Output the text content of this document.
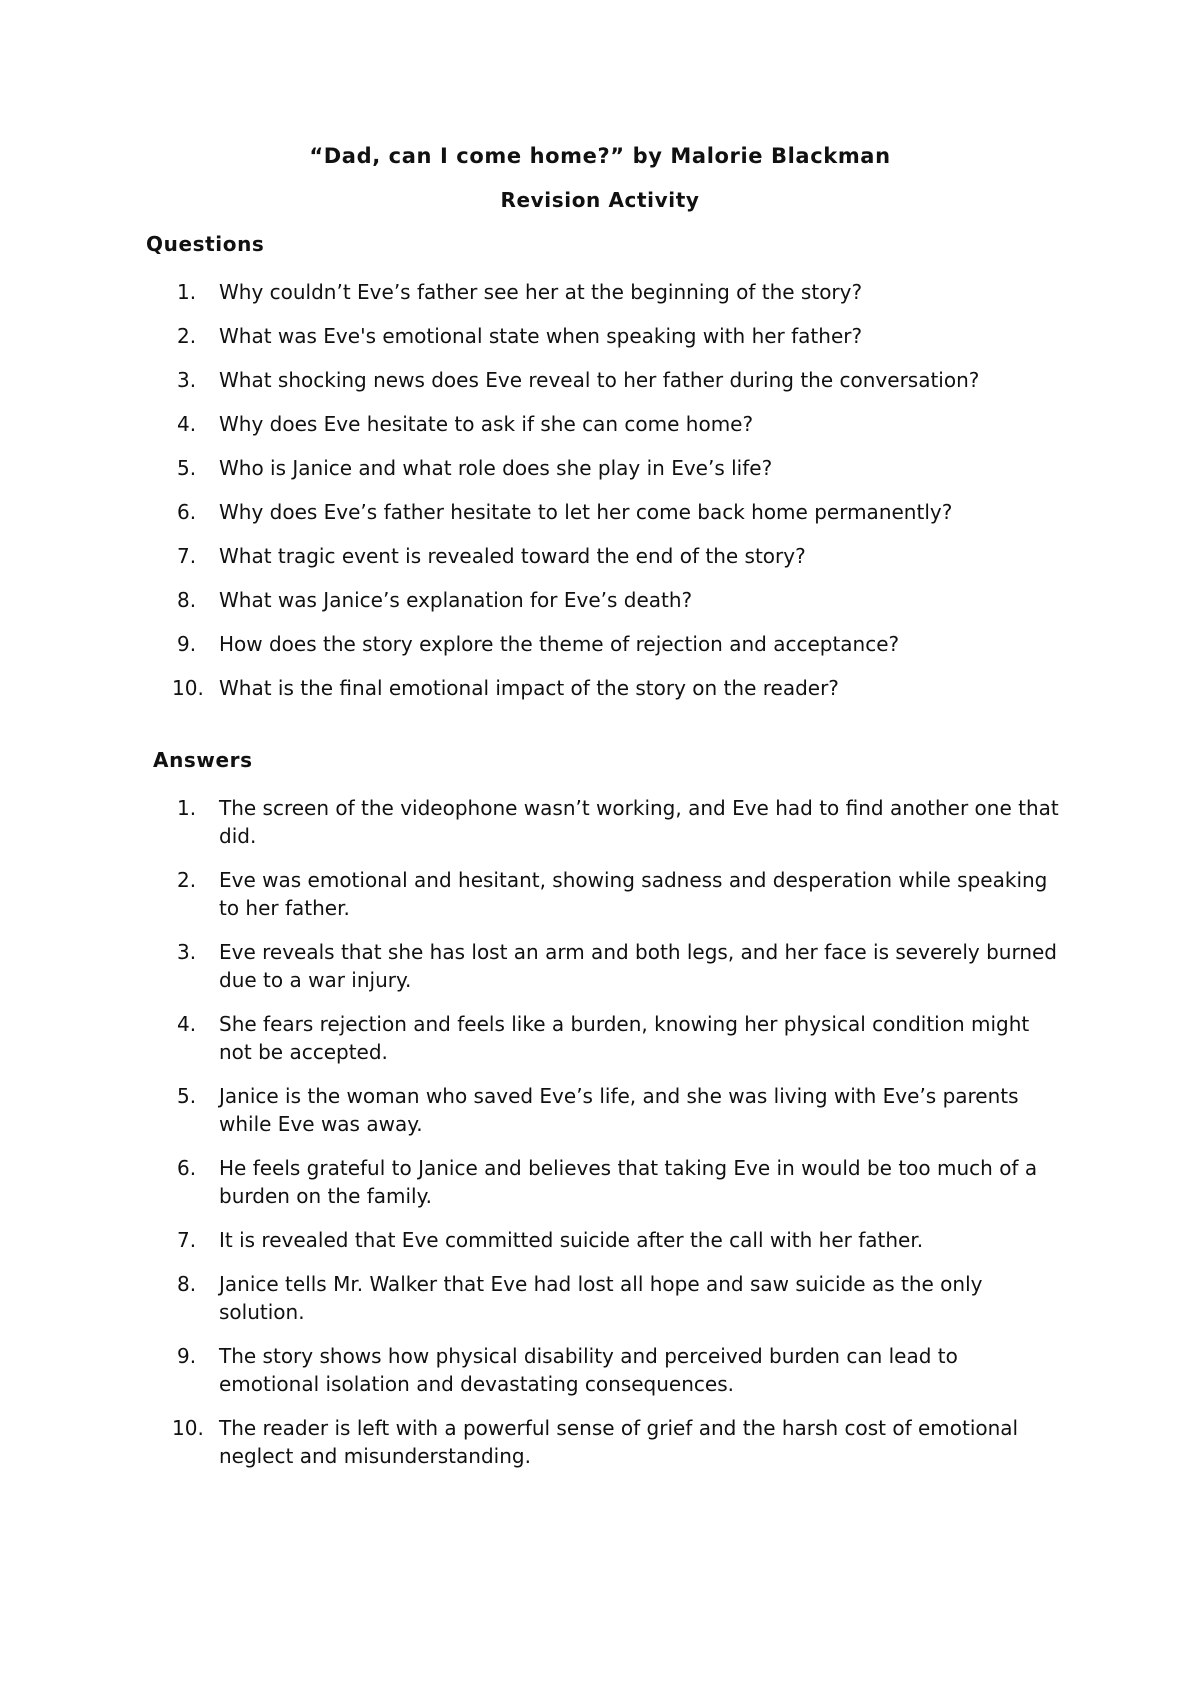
“Dad, can I come home?” by Malorie Blackman
Revision Activity
Questions
1.	Why couldn’t Eve’s father see her at the beginning of the story?
2.	What was Eve's emotional state when speaking with her father?
3.	What shocking news does Eve reveal to her father during the conversation?
4.	Why does Eve hesitate to ask if she can come home?
5.	Who is Janice and what role does she play in Eve’s life?
6.	Why does Eve’s father hesitate to let her come back home permanently?
7.	What tragic event is revealed toward the end of the story?
8.	What was Janice’s explanation for Eve’s death?
9.	How does the story explore the theme of rejection and acceptance?
10. What is the final emotional impact of the story on the reader?
Answers
1.	The screen of the videophone wasn’t working, and Eve had to find another one that did.
2.	Eve was emotional and hesitant, showing sadness and desperation while speaking to her father.
3.	Eve reveals that she has lost an arm and both legs, and her face is severely burned due to a war injury.
4.	She fears rejection and feels like a burden, knowing her physical condition might not be accepted.
5.	Janice is the woman who saved Eve’s life, and she was living with Eve’s parents while Eve was away.
6.	He feels grateful to Janice and believes that taking Eve in would be too much of a burden on the family.
7.	It is revealed that Eve committed suicide after the call with her father.
8.	Janice tells Mr. Walker that Eve had lost all hope and saw suicide as the only solution.
9.	The story shows how physical disability and perceived burden can lead to emotional isolation and devastating consequences.
10. The reader is left with a powerful sense of grief and the harsh cost of emotional neglect and misunderstanding.
